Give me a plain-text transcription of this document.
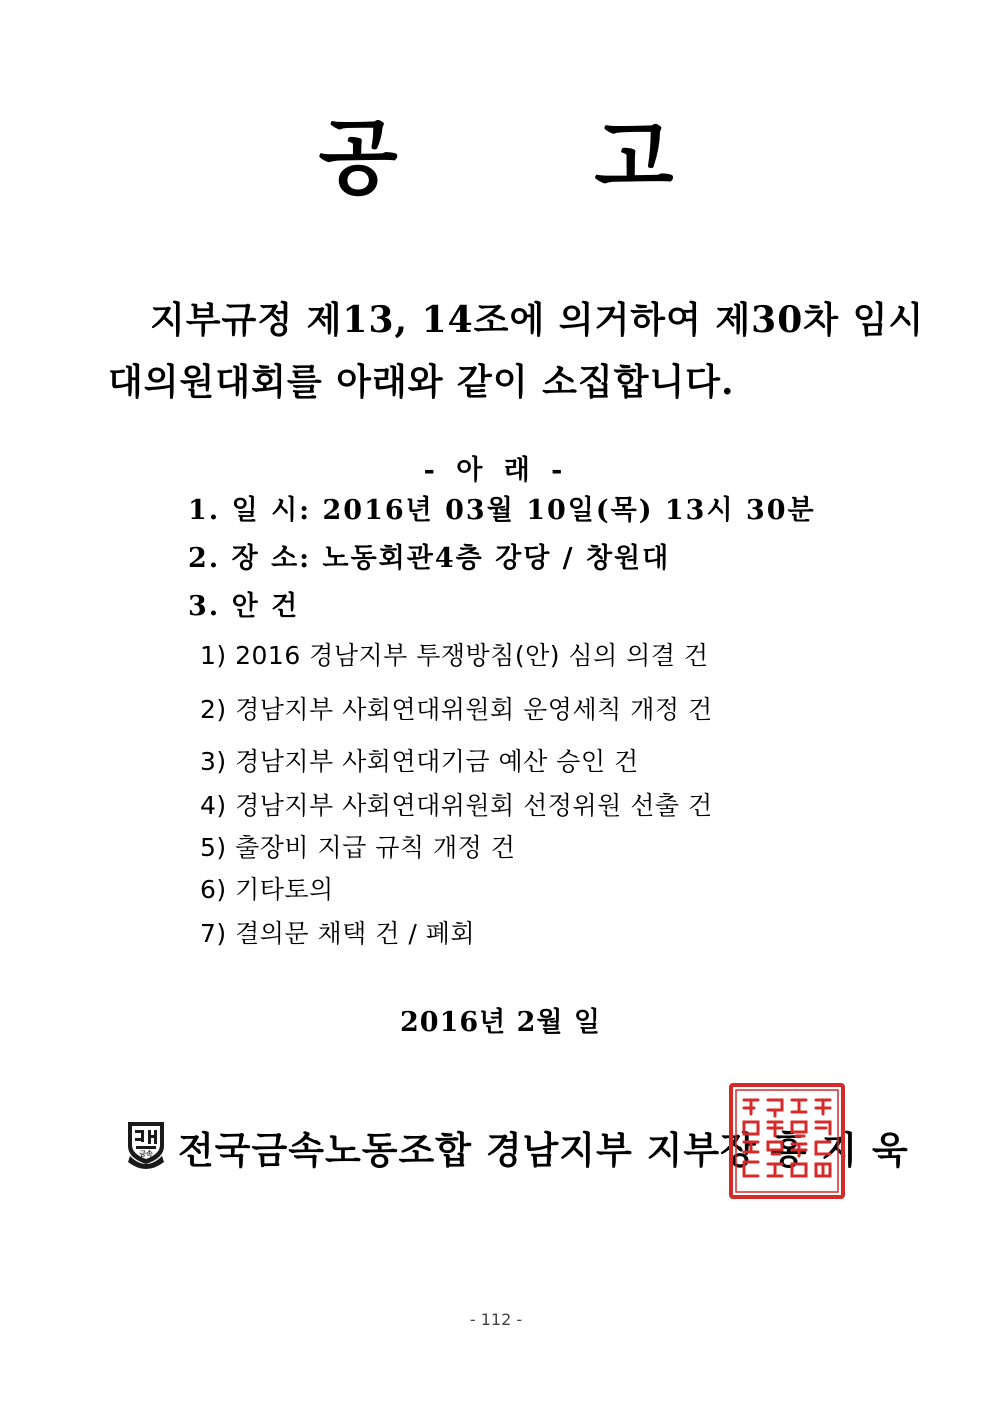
공 고
지부규정 제13, 14조에 의거하여 제30차 임시
대의원대회를 아래와 같이 소집합니다.
- 아 래 -
1. 일 시: 2016년 03월 10일(목) 13시 30분
2. 장 소: 노동회관4층 강당 / 창원대
3. 안 건
1) 2016 경남지부 투쟁방침(안) 심의 의결 건
2) 경남지부 사회연대위원회 운영세칙 개정 건
3) 경남지부 사회연대기금 예산 승인 건
4) 경남지부 사회연대위원회 선정위원 선출 건
5) 출장비 지급 규칙 개정 건
6) 기타토의
7) 결의문 채택 건 / 폐회
2016년 2월 일
금속 전국금속노동조합 경남지부 지부장 홍 지 욱
- 112 -
